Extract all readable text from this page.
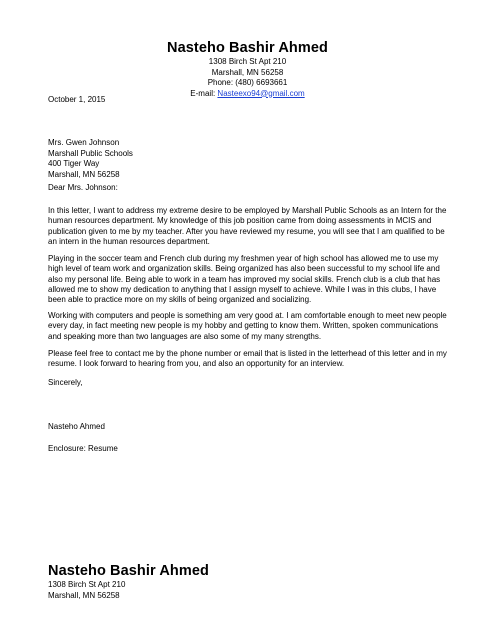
Nasteho Bashir Ahmed
1308 Birch St Apt 210
Marshall, MN 56258
Phone: (480) 6693661
E-mail: Nasteexo94@gmail.com
October 1, 2015
Mrs. Gwen Johnson
Marshall Public Schools
400 Tiger Way
Marshall, MN 56258
Dear Mrs. Johnson:
In this letter, I want to address my extreme desire to be employed by Marshall Public Schools as an Intern for the human resources department. My knowledge of this job position came from doing assessments in MCIS and publication given to me by my teacher. After you have reviewed my resume, you will see that I am qualified to be an intern in the human resources department.
Playing in the soccer team and French club during my freshmen year of high school has allowed me to use my high level of team work and organization skills. Being organized has also been successful to my school life and also my personal life. Being able to work in a team has improved my social skills. French club is a club that has allowed me to show my dedication to anything that I assign myself to achieve. While I was in this clubs, I have been able to practice more on my skills of being organized and socializing.
Working with computers and people is something am very good at. I am comfortable enough to meet new people every day, in fact meeting new people is my hobby and getting to know them. Written, spoken communications and speaking more than two languages are also some of my many strengths.
Please feel free to contact me by the phone number or email that is listed in the letterhead of this letter and in my resume. I look forward to hearing from you, and also an opportunity for an interview.
Sincerely,
Nasteho Ahmed
Enclosure: Resume
Nasteho Bashir Ahmed
1308 Birch St Apt 210
Marshall, MN 56258
